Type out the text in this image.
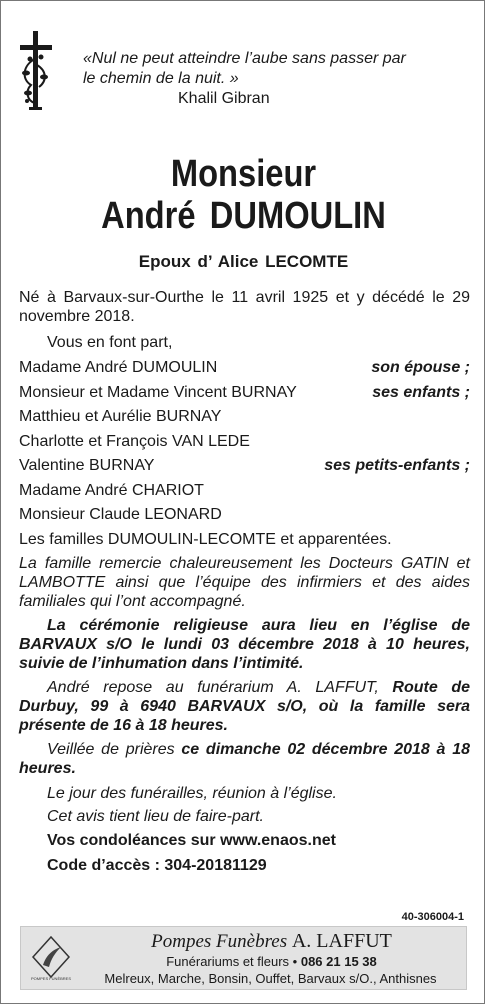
«Nul ne peut atteindre l’aube sans passer par
le chemin de la nuit. »
Khalil Gibran
Monsieur
André DUMOULIN
Epoux d’ Alice LECOMTE

Né à Barvaux-sur-Ourthe le 11 avril 1925 et y décédé le 29 novembre 2018.

Vous en font part,

Madame André DUMOULIN	son épouse ;
Monsieur et Madame Vincent BURNAY	ses enfants ;
Matthieu et Aurélie BURNAY
Charlotte et François VAN LEDE
Valentine BURNAY	ses petits-enfants ;
Madame André CHARIOT
Monsieur Claude LEONARD
Les familles DUMOULIN-LECOMTE et apparentées.

La famille remercie chaleureusement les Docteurs GATIN et LAMBOTTE ainsi que l’équipe des infirmiers et des aides familiales qui l’ont accompagné.

La cérémonie religieuse aura lieu en l’église de BARVAUX s/O le lundi 03 décembre 2018 à 10 heures, suivie de l’inhumation dans l’intimité.

André repose au funérarium A. LAFFUT, Route de Durbuy, 99 à 6940 BARVAUX s/O, où la famille sera présente de 16 à 18 heures.

Veillée de prières ce dimanche 02 décembre 2018 à 18 heures.

Le jour des funérailles, réunion à l’église.

Cet avis tient lieu de faire-part.

Vos condoléances sur www.enaos.net

Code d’accès : 304-20181129

40-306004-1
POMPES FUNÈBRES
Pompes Funèbres A. LAFFUT
Funérariums et fleurs • 086 21 15 38
Melreux, Marche, Bonsin, Ouffet, Barvaux s/O., Anthisnes
